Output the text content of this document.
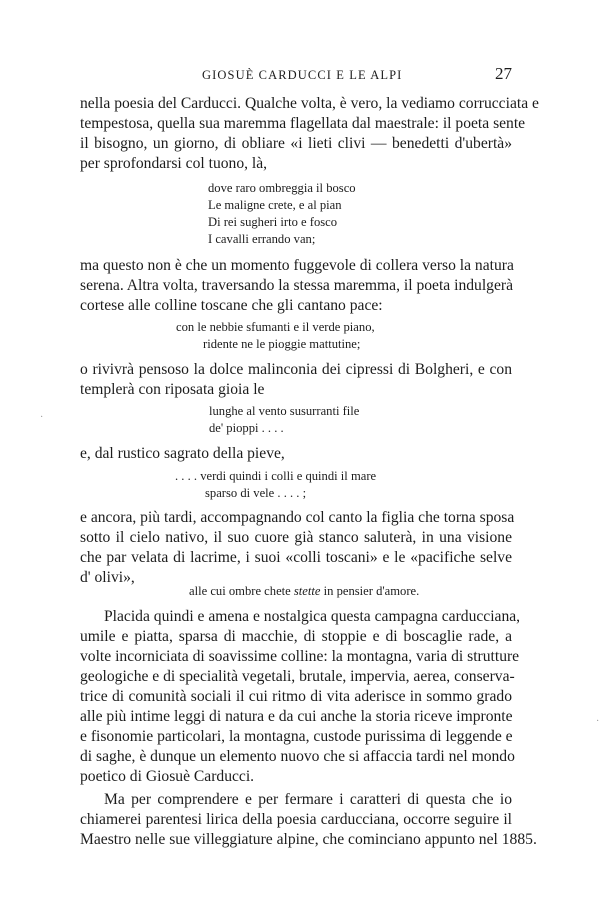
GIOSUÈ CARDUCCI E LE ALPI	27
nella poesia del Carducci. Qualche volta, è vero, la vediamo corrucciata e
tempestosa, quella sua maremma flagellata dal maestrale: il poeta sente
il bisogno, un giorno, di obliare «i lieti clivi — benedetti d'ubertà»
per sprofondarsi col tuono, là,
dove raro ombreggia il bosco
Le maligne crete, e al pian
Di rei sugheri irto e fosco
I cavalli errando van;
ma questo non è che un momento fuggevole di collera verso la natura
serena. Altra volta, traversando la stessa maremma, il poeta indulgerà
cortese alle colline toscane che gli cantano pace:
con le nebbie sfumanti e il verde piano,
ridente ne le pioggie mattutine;
o rivivrà pensoso la dolce malinconia dei cipressi di Bolgheri, e con
templerà con riposata gioia le
lunghe al vento susurranti file
de' pioppi . . . .
e, dal rustico sagrato della pieve,
. . . . verdi quindi i colli e quindi il mare
sparso di vele . . . . ;
e ancora, più tardi, accompagnando col canto la figlia che torna sposa
sotto il cielo nativo, il suo cuore già stanco saluterà, in una visione
che par velata di lacrime, i suoi «colli toscani» e le «pacifiche selve
d' olivi»,
alle cui ombre chete stette in pensier d'amore.
Placida quindi e amena e nostalgica questa campagna carducciana,
umile e piatta, sparsa di macchie, di stoppie e di boscaglie rade, a
volte incorniciata di soavissime colline: la montagna, varia di strutture
geologiche e di specialità vegetali, brutale, impervia, aerea, conserva-
trice di comunità sociali il cui ritmo di vita aderisce in sommo grado
alle più intime leggi di natura e da cui anche la storia riceve impronte
e fisonomie particolari, la montagna, custode purissima di leggende e
di saghe, è dunque un elemento nuovo che si affaccia tardi nel mondo
poetico di Giosuè Carducci.
Ma per comprendere e per fermare i caratteri di questa che io
chiamerei parentesi lirica della poesia carducciana, occorre seguire il
Maestro nelle sue villeggiature alpine, che cominciano appunto nel 1885.
·
·
